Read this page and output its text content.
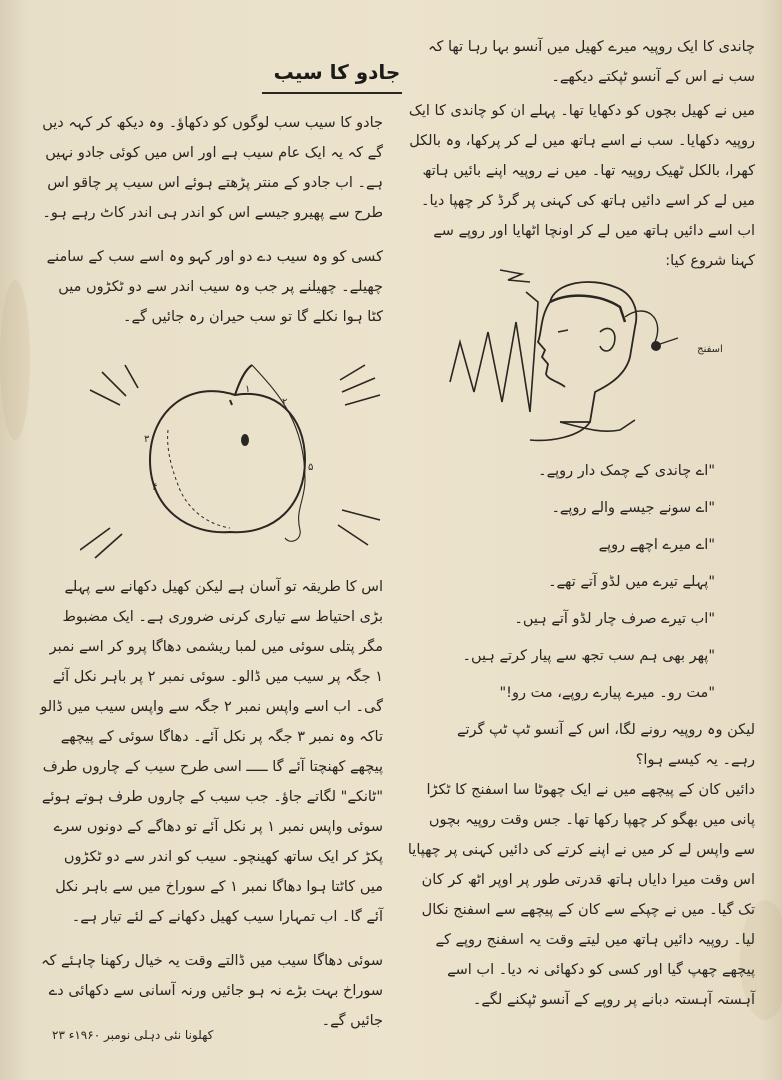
جادو کا سیب

چاندی کا ایک روپیہ میرے کھیل میں آنسو بہا رہا تھا کہ سب نے اس کے آنسو ٹپکتے دیکھے۔

میں نے کھیل بچوں کو دکھایا تھا۔ پہلے ان کو چاندی کا ایک روپیہ دکھایا۔ سب نے اسے ہاتھ میں لے کر پرکھا، وہ بالکل کھرا، بالکل ٹھیک روپیہ تھا۔ میں نے روپیہ اپنے بائیں ہاتھ میں لے کر اسے دائیں ہاتھ کی کہنی پر گرڈ کر چھپا دیا۔ اب اسے دائیں ہاتھ میں لے کر اونچا اٹھایا اور روپے سے کہنا شروع کیا:

اسفنج
"اے چاندی کے چمک دار روپے۔
"اے سونے جیسے والے روپے۔
"اے میرے اچھے روپے
"پہلے تیرے میں لڈو آتے تھے۔
"اب تیرے صرف چار لڈو آتے ہیں۔
"پھر بھی ہم سب تجھ سے پیار کرتے ہیں۔
"مت رو۔ میرے پیارے روپے، مت رو!"

لیکن وہ روپیہ رونے لگا، اس کے آنسو ٹپ ٹپ گرتے رہے۔ یہ کیسے ہوا؟

دائیں کان کے پیچھے میں نے ایک چھوٹا سا اسفنج کا ٹکڑا پانی میں بھگو کر چھپا رکھا تھا۔ جس وقت روپیہ بچوں سے واپس لے کر میں نے اپنے کرتے کی دائیں کہنی پر چھپایا اس وقت میرا دایاں ہاتھ قدرتی طور پر اوپر اٹھ کر کان تک گیا۔ میں نے چپکے سے کان کے پیچھے سے اسفنج نکال لیا۔ روپیہ دائیں ہاتھ میں لیتے وقت یہ اسفنج روپے کے پیچھے چھپ گیا اور کسی کو دکھائی نہ دیا۔ اب اسے آہستہ آہستہ دبانے پر روپے کے آنسو ٹپکنے لگے۔

جادو کا سیب سب لوگوں کو دکھاؤ۔ وہ دیکھ کر کہہ دیں گے کہ یہ ایک عام سیب ہے اور اس میں کوئی جادو نہیں ہے۔ اب جادو کے منتر پڑھتے ہوئے اس سیب پر چاقو اس طرح سے پھیرو جیسے اس کو اندر ہی اندر کاٹ رہے ہو۔

کسی کو وہ سیب دے دو اور کہو وہ اسے سب کے سامنے چھیلے۔ چھیلنے پر جب وہ سیب اندر سے دو ٹکڑوں میں کٹا ہوا نکلے گا تو سب حیران رہ جائیں گے۔

۱
۲
۳
۴
۵

اس کا طریقہ تو آسان ہے لیکن کھیل دکھانے سے پہلے بڑی احتیاط سے تیاری کرنی ضروری ہے۔ ایک مضبوط مگر پتلی سوئی میں لمبا ریشمی دھاگا پرو کر اسے نمبر ۱ جگہ پر سیب میں ڈالو۔ سوئی نمبر ۲ پر باہر نکل آئے گی۔ اب اسے واپس نمبر ۲ جگہ سے واپس سیب میں ڈالو تاکہ وہ نمبر ۳ جگہ پر نکل آئے۔ دھاگا سوئی کے پیچھے پیچھے کھنچتا آئے گا ـــــ اسی طرح سیب کے چاروں طرف "ٹانکے" لگاتے جاؤ۔ جب سیب کے چاروں طرف ہوتے ہوئے سوئی واپس نمبر ۱ پر نکل آئے تو دھاگے کے دونوں سرے پکڑ کر ایک ساتھ کھینچو۔ سیب کو اندر سے دو ٹکڑوں میں کاٹتا ہوا دھاگا نمبر ۱ کے سوراخ میں سے باہر نکل آئے گا۔ اب تمہارا سیب کھیل دکھانے کے لئے تیار ہے۔

سوئی دھاگا سیب میں ڈالتے وقت یہ خیال رکھنا چاہئے کہ سوراخ بہت بڑے نہ ہو جائیں ورنہ آسانی سے دکھائی دے جائیں گے۔

کھلونا نئی دہلی نومبر ۱۹۶۰ء ۲۳
